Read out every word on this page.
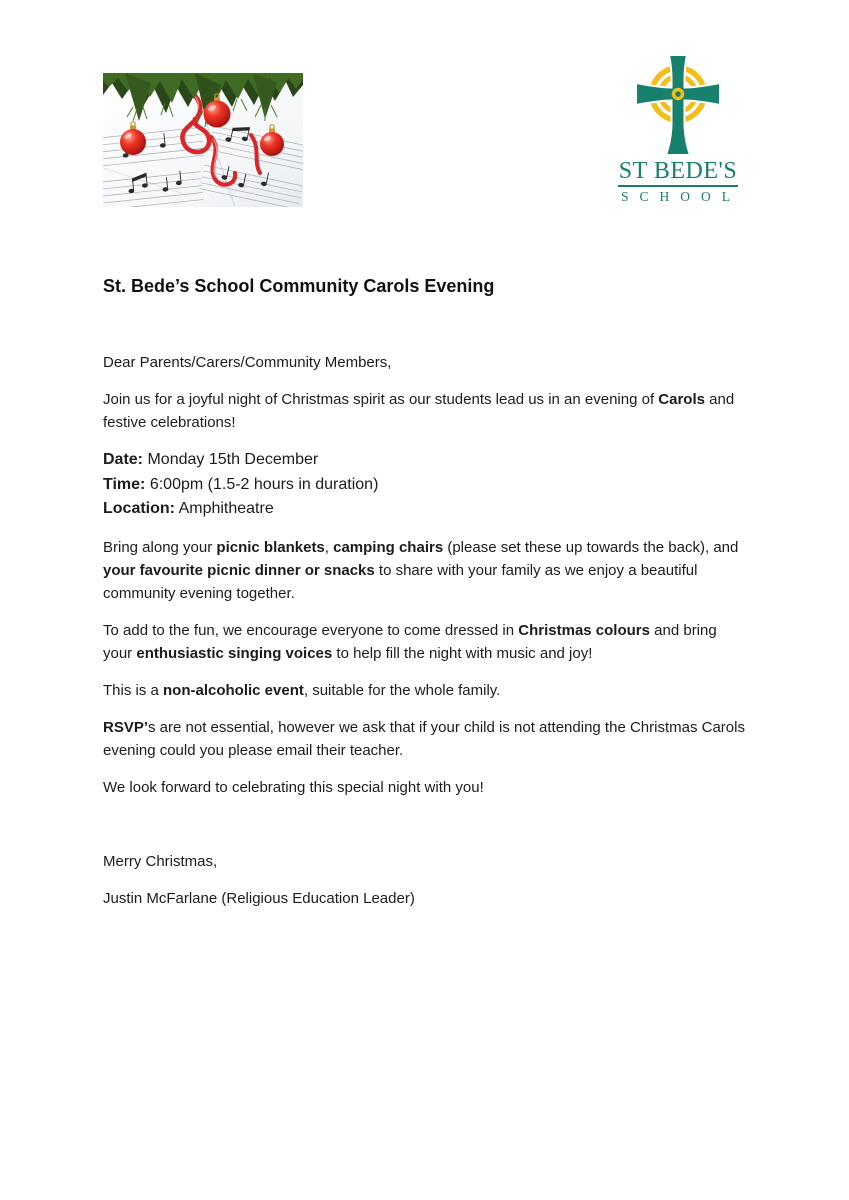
ST BEDE'S
SCHOOL

St. Bede’s School Community Carols Evening

Dear Parents/Carers/Community Members,

Join us for a joyful night of Christmas spirit as our students lead us in an evening of Carols and festive celebrations!

Date: Monday 15th December
Time: 6:00pm (1.5-2 hours in duration)
Location: Amphitheatre

Bring along your picnic blankets, camping chairs (please set these up towards the back), and your favourite picnic dinner or snacks to share with your family as we enjoy a beautiful community evening together.

To add to the fun, we encourage everyone to come dressed in Christmas colours and bring your enthusiastic singing voices to help fill the night with music and joy!

This is a non-alcoholic event, suitable for the whole family.

RSVP’s are not essential, however we ask that if your child is not attending the Christmas Carols evening could you please email their teacher.

We look forward to celebrating this special night with you!

Merry Christmas,

Justin McFarlane (Religious Education Leader)
